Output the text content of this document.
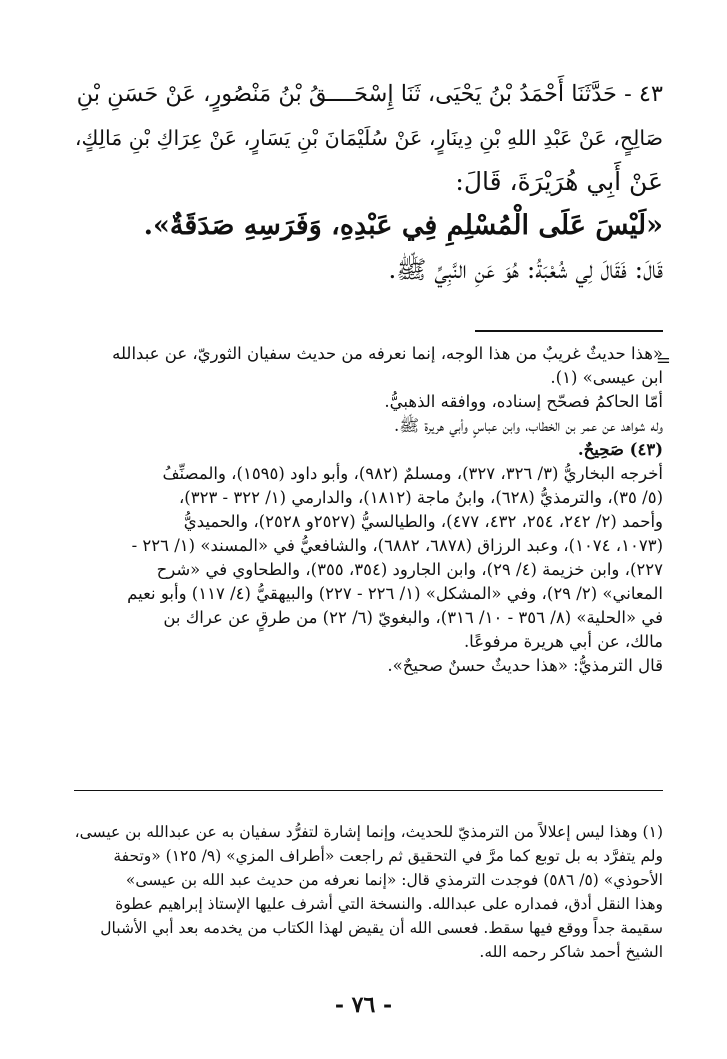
٤٣ - حَدَّثَنَا أَحْمَدُ بْنُ يَحْيَى، ثَنَا إِسْحَــــقُ بْنُ مَنْصُورٍ، عَنْ حَسَنِ بْنِ
صَالِحٍ، عَنْ عَبْدِ اللهِ بْنِ دِينَارٍ، عَنْ سُلَيْمَانَ بْنِ يَسَارٍ، عَنْ عِرَاكِ بْنِ مَالِكٍ،
عَنْ أَبِي هُرَيْرَةَ، قَالَ:
«لَيْسَ عَلَى الْمُسْلِمِ فِي عَبْدِهِ، وَفَرَسِهِ صَدَقَةٌ».
قَالَ: فَقَالَ لِي شُعْبَةُ: هُوَ عَنِ النَّبِيِّ ﷺ.
=
«هذا حديثٌ غريبٌ من هذا الوجه، إنما نعرفه من حديث سفيان الثوريّ، عن عبدالله
ابن عيسى» (١).
أمّا الحاكمُ فصحّح إسناده، ووافقه الذهبيُّ.
وله شواهد عن عمر بن الخطاب، وابن عباسٍ وأبي هريرة ﷺ.
(٤٣) صَحِيحٌ.
أخرجه البخاريُّ (٣/ ٣٢٦، ٣٢٧)، ومسلمٌ (٩٨٢)، وأبو داود (١٥٩٥)، والمصنِّفُ
(٥/ ٣٥)، والترمذيُّ (٦٢٨)، وابنُ ماجة (١٨١٢)، والدارمي (١/ ٣٢٢ - ٣٢٣)،
وأحمد (٢/ ٢٤٢، ٢٥٤، ٤٣٢، ٤٧٧)، والطيالسيُّ (٢٥٢٧و ٢٥٢٨)، والحميديُّ
(١٠٧٣، ١٠٧٤)، وعبد الرزاق (٦٨٧٨، ٦٨٨٢)، والشافعيُّ في «المسند» (١/ ٢٢٦ -
٢٢٧)، وابن خزيمة (٤/ ٢٩)، وابن الجارود (٣٥٤، ٣٥٥)، والطحاوي في «شرح
المعاني» (٢/ ٢٩)، وفي «المشكل» (١/ ٢٢٦ - ٢٢٧) والبيهقيُّ (٤/ ١١٧) وأبو نعيم
في «الحلية» (٨/ ٣٥٦ - ١٠/ ٣١٦)، والبغويّ (٦/ ٢٢) من طرقٍ عن عراك بن
مالك، عن أبي هريرة مرفوعًا.
قال الترمذيُّ: «هذا حديثٌ حسنٌ صحيحٌ».
(١) وهذا ليس إعلالاً من الترمذيّ للحديث، وإنما إشارة لتفرُّد سفيان به عن عبدالله بن عيسى،
ولم يتفرَّد به بل توبع كما مرَّ في التحقيق ثم راجعت «أطراف المزي» (٩/ ١٢٥) «وتحفة
الأحوذي» (٥/ ٥٨٦) فوجدت الترمذي قال: «إنما نعرفه من حديث عبد الله بن عيسى»
وهذا النقل أدق، فمداره على عبدالله. والنسخة التي أشرف عليها الإستاذ إبراهيم عطوة
سقيمة جداً ووقع فيها سقط. فعسى الله أن يقيض لهذا الكتاب من يخدمه بعد أبي الأشبال
الشيخ أحمد شاكر رحمه الله.
- ٧٦ -
